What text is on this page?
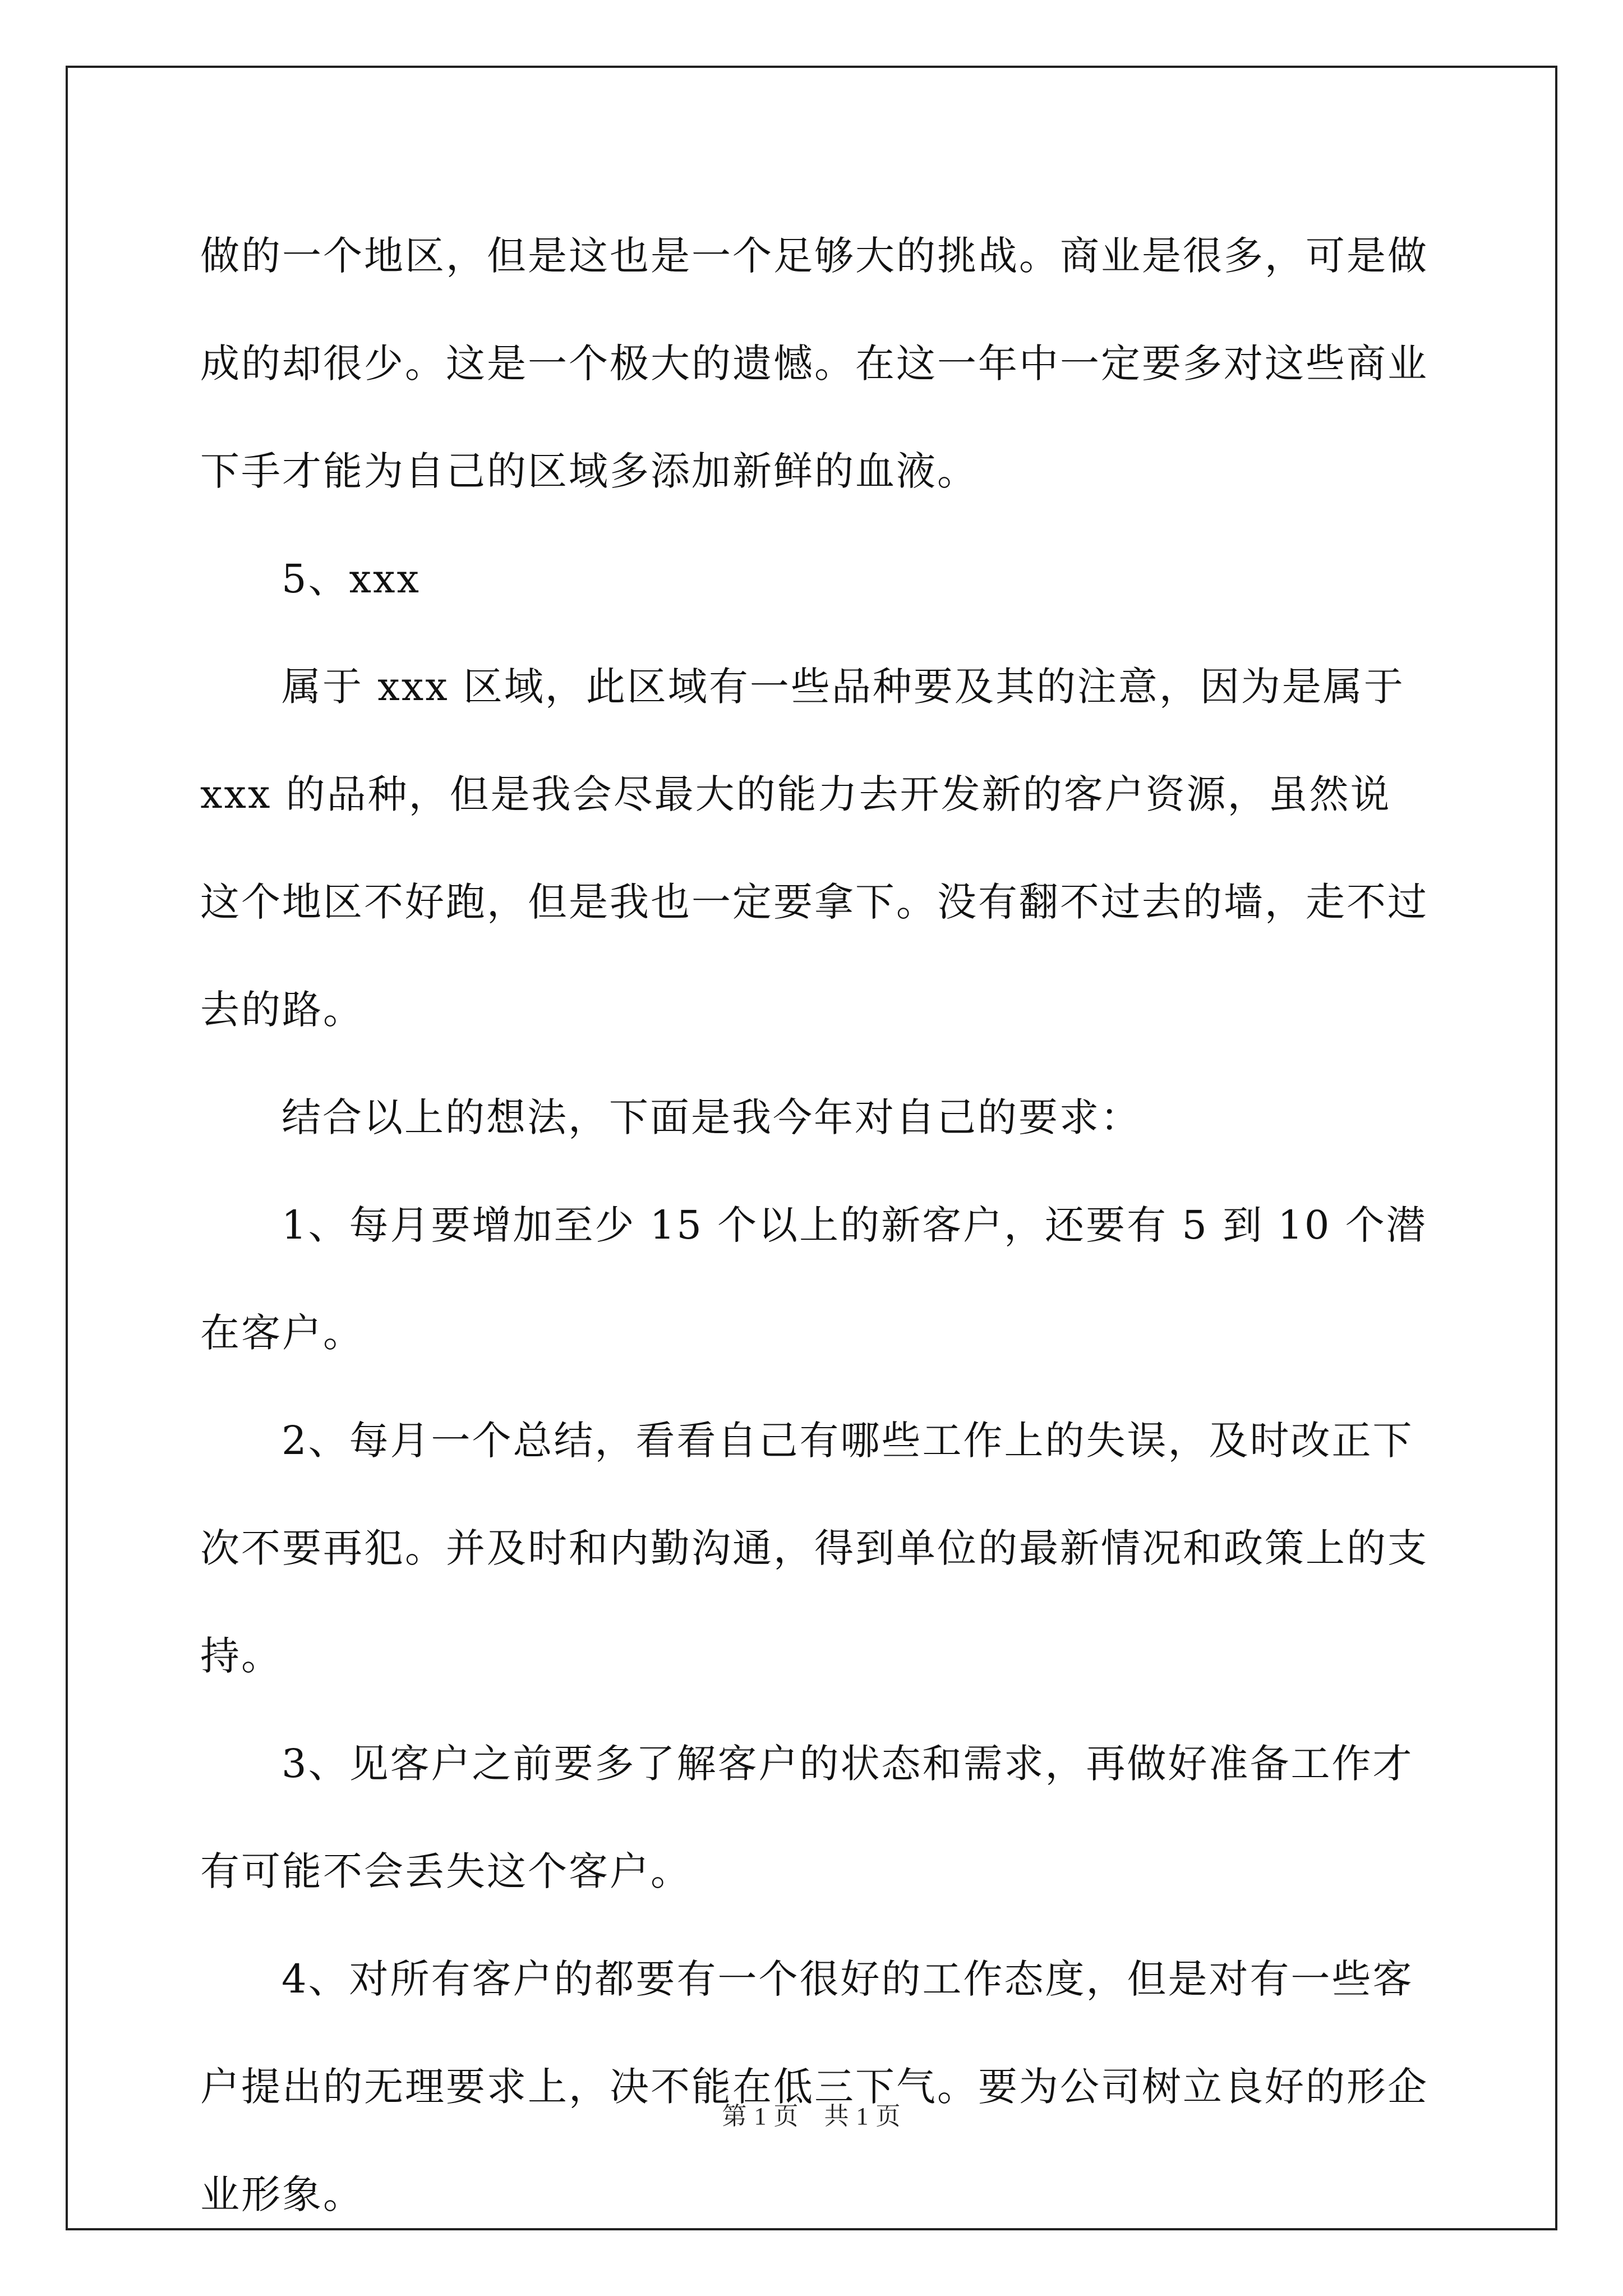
做的一个地区，但是这也是一个足够大的挑战。商业是很多，可是做成的却很少。这是一个极大的遗憾。在这一年中一定要多对这些商业下手才能为自己的区域多添加新鲜的血液。

5、xxx

属于 xxx 区域，此区域有一些品种要及其的注意，因为是属于 xxx 的品种，但是我会尽最大的能力去开发新的客户资源，虽然说这个地区不好跑，但是我也一定要拿下。没有翻不过去的墙，走不过去的路。

结合以上的想法，下面是我今年对自己的要求：

1、每月要增加至少 15 个以上的新客户，还要有 5 到 10 个潜在客户。

2、每月一个总结，看看自己有哪些工作上的失误，及时改正下次不要再犯。并及时和内勤沟通，得到单位的最新情况和政策上的支持。

3、见客户之前要多了解客户的状态和需求，再做好准备工作才有可能不会丢失这个客户。

4、对所有客户的都要有一个很好的工作态度，但是对有一些客户提出的无理要求上，决不能在低三下气。要为公司树立良好的形企业形象。

第 1 页　共 1 页
